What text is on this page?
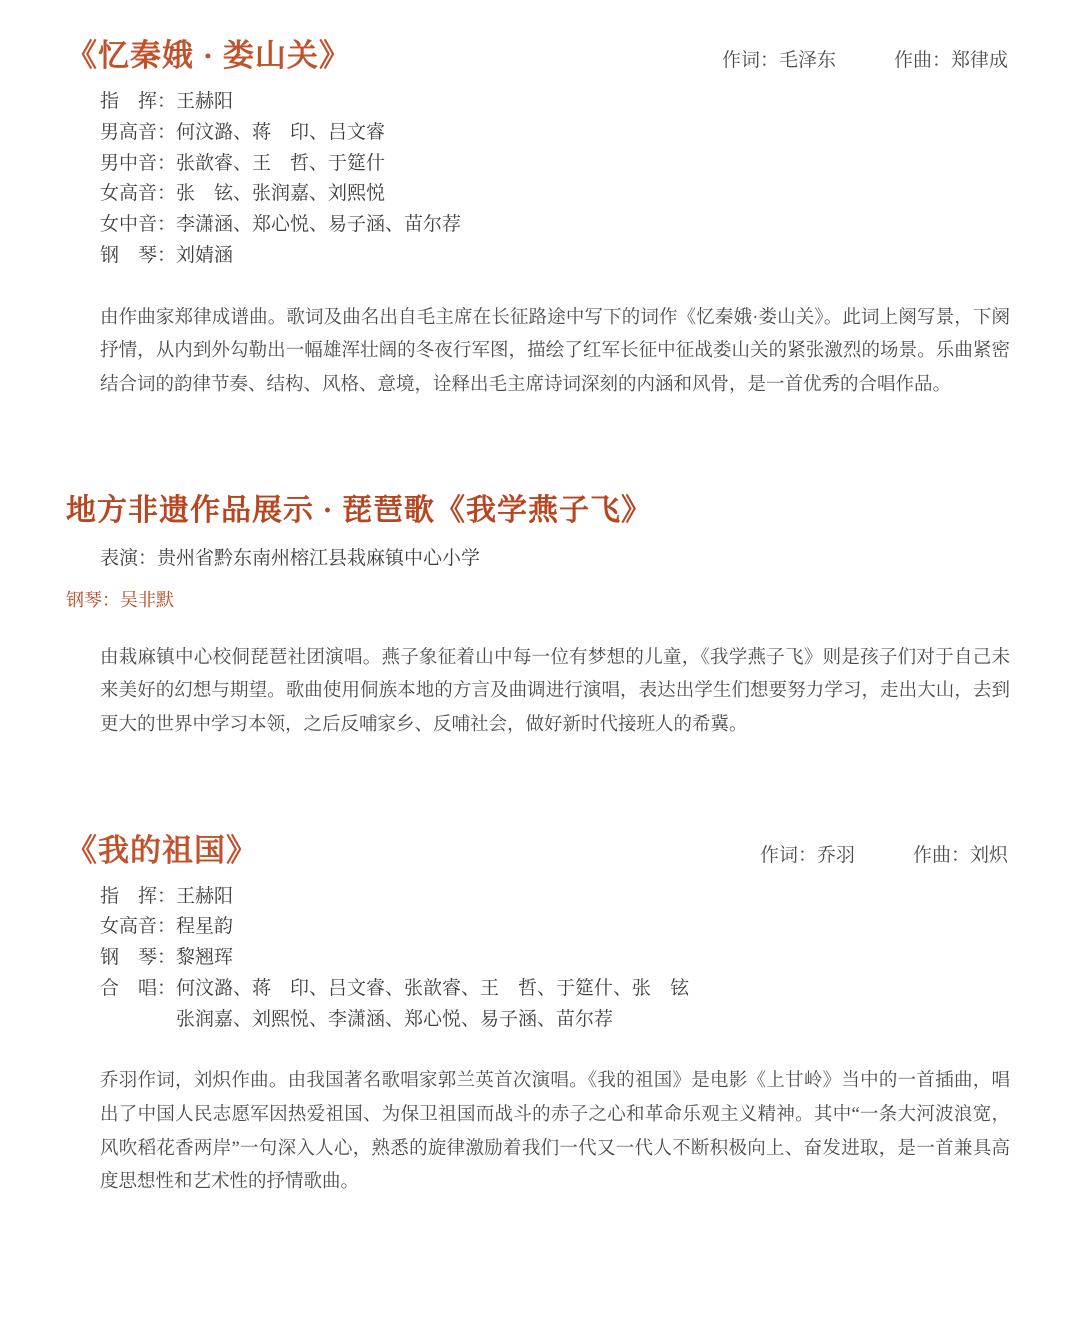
《忆秦娥 · 娄山关》	作词：毛泽东	作曲：郑律成
指　挥： 王赫阳
男高音： 何汶潞、蒋　印、吕文睿
男中音： 张歆睿、王　哲、于筵什
女高音： 张　铉、张润嘉、刘熙悦
女中音： 李潇涵、郑心悦、易子涵、苗尔荐
钢　琴： 刘婧涵

由作曲家郑律成谱曲。歌词及曲名出自毛主席在长征路途中写下的词作《忆秦娥·娄山关》。此词上阕写景，下阕抒情，从内到外勾勒出一幅雄浑壮阔的冬夜行军图，描绘了红军长征中征战娄山关的紧张激烈的场景。乐曲紧密结合词的韵律节奏、结构、风格、意境，诠释出毛主席诗词深刻的内涵和风骨，是一首优秀的合唱作品。

地方非遗作品展示 · 琵琶歌《我学燕子飞》
表演：贵州省黔东南州榕江县栽麻镇中心小学
钢琴：吴非默

由栽麻镇中心校侗琵琶社团演唱。燕子象征着山中每一位有梦想的儿童，《我学燕子飞》则是孩子们对于自己未来美好的幻想与期望。歌曲使用侗族本地的方言及曲调进行演唱，表达出学生们想要努力学习，走出大山，去到更大的世界中学习本领，之后反哺家乡、反哺社会，做好新时代接班人的希冀。

《我的祖国》	作词：乔羽	作曲：刘炽
指　挥： 王赫阳
女高音： 程星韵
钢　琴： 黎翘珲
合　唱： 何汶潞、蒋　印、吕文睿、张歆睿、王　哲、于筵什、张　铉
张润嘉、刘熙悦、李潇涵、郑心悦、易子涵、苗尔荐

乔羽作词，刘炽作曲。由我国著名歌唱家郭兰英首次演唱。《我的祖国》是电影《上甘岭》当中的一首插曲，唱出了中国人民志愿军因热爱祖国、为保卫祖国而战斗的赤子之心和革命乐观主义精神。其中“一条大河波浪宽，风吹稻花香两岸”一句深入人心，熟悉的旋律激励着我们一代又一代人不断积极向上、奋发进取，是一首兼具高度思想性和艺术性的抒情歌曲。
